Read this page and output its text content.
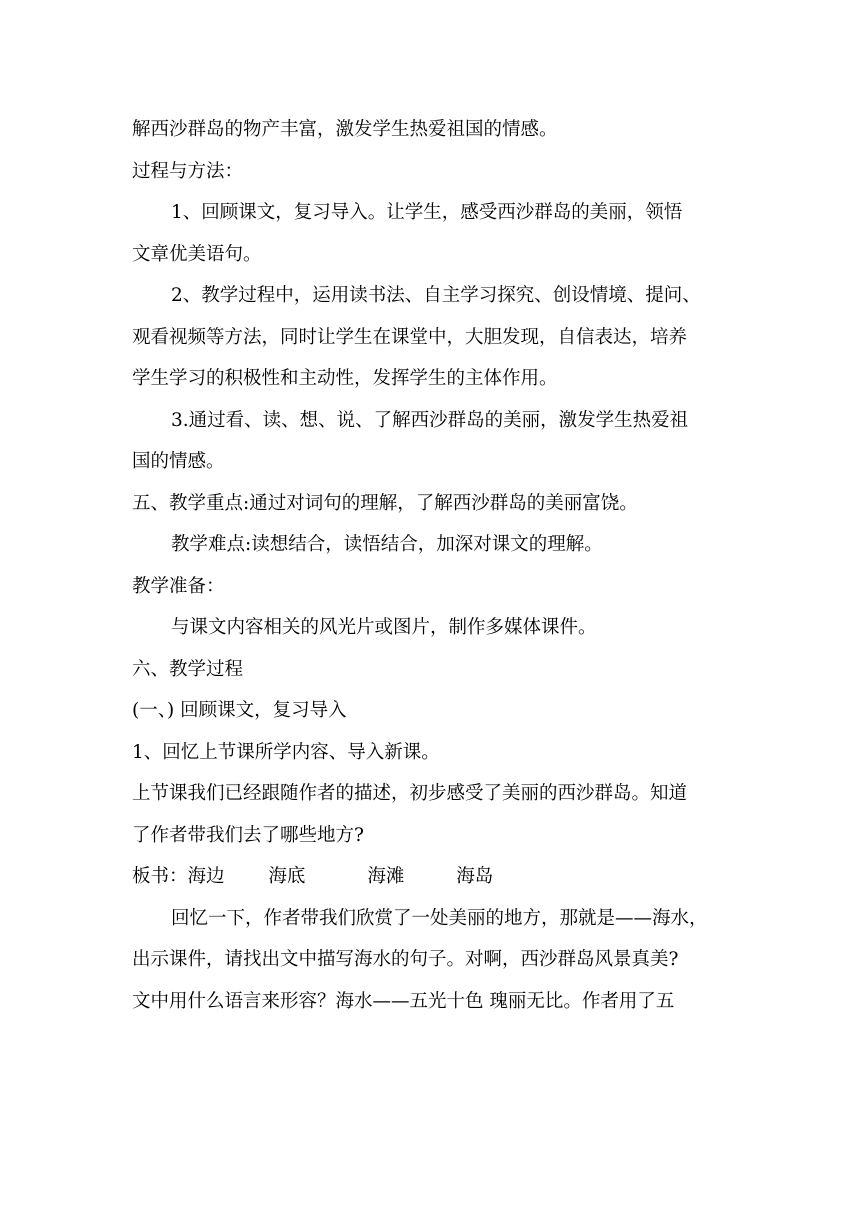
解西沙群岛的物产丰富，激发学生热爱祖国的情感。
过程与方法：
1、回顾课文，复习导入。让学生，感受西沙群岛的美丽，领悟
文章优美语句。
2、教学过程中，运用读书法、自主学习探究、创设情境、提问、
观看视频等方法，同时让学生在课堂中，大胆发现，自信表达，培养
学生学习的积极性和主动性，发挥学生的主体作用。
3.通过看、读、想、说、了解西沙群岛的美丽，激发学生热爱祖
国的情感。
五、教学重点:通过对词句的理解，了解西沙群岛的美丽富饶。
教学难点:读想结合，读悟结合，加深对课文的理解。
教学准备：
与课文内容相关的风光片或图片，制作多媒体课件。
六、教学过程
(一、) 回顾课文，复习导入
1、回忆上节课所学内容、导入新课。
上节课我们已经跟随作者的描述，初步感受了美丽的西沙群岛。知道
了作者带我们去了哪些地方?
板书：海边 海底	海滩	海岛
回忆一下，作者带我们欣赏了一处美丽的地方，那就是——海水，
出示课件，请找出文中描写海水的句子。对啊，西沙群岛风景真美?
文中用什么语言来形容？海水——五光十色 瑰丽无比。作者用了五
